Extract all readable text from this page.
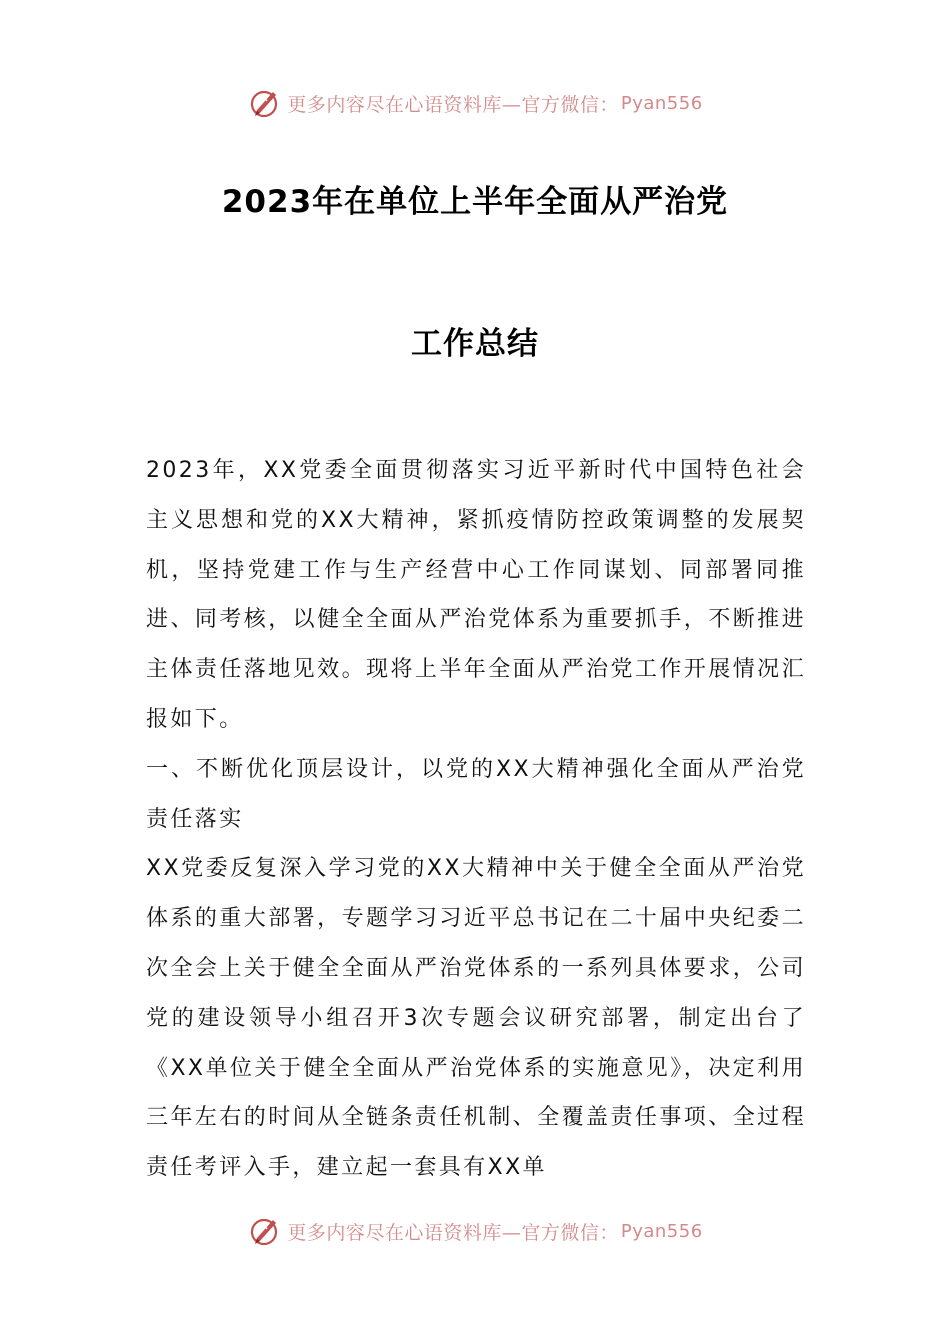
更多内容尽在心语资料库—官方微信： Pyan556
2023年在单位上半年全面从严治党
工作总结

2023年，XX党委全面贯彻落实习近平新时代中国特色社会主义思想和党的XX大精神，紧抓疫情防控政策调整的发展契机，坚持党建工作与生产经营中心工作同谋划、同部署同推进、同考核，以健全全面从严治党体系为重要抓手，不断推进主体责任落地见效。现将上半年全面从严治党工作开展情况汇报如下。

一、不断优化顶层设计，以党的XX大精神强化全面从严治党责任落实

XX党委反复深入学习党的XX大精神中关于健全全面从严治党体系的重大部署，专题学习习近平总书记在二十届中央纪委二次全会上关于健全全面从严治党体系的一系列具体要求，公司党的建设领导小组召开3次专题会议研究部署，制定出台了《XX单位关于健全全面从严治党体系的实施意见》，决定利用三年左右的时间从全链条责任机制、全覆盖责任事项、全过程责任考评入手，建立起一套具有XX单

更多内容尽在心语资料库—官方微信： Pyan556
